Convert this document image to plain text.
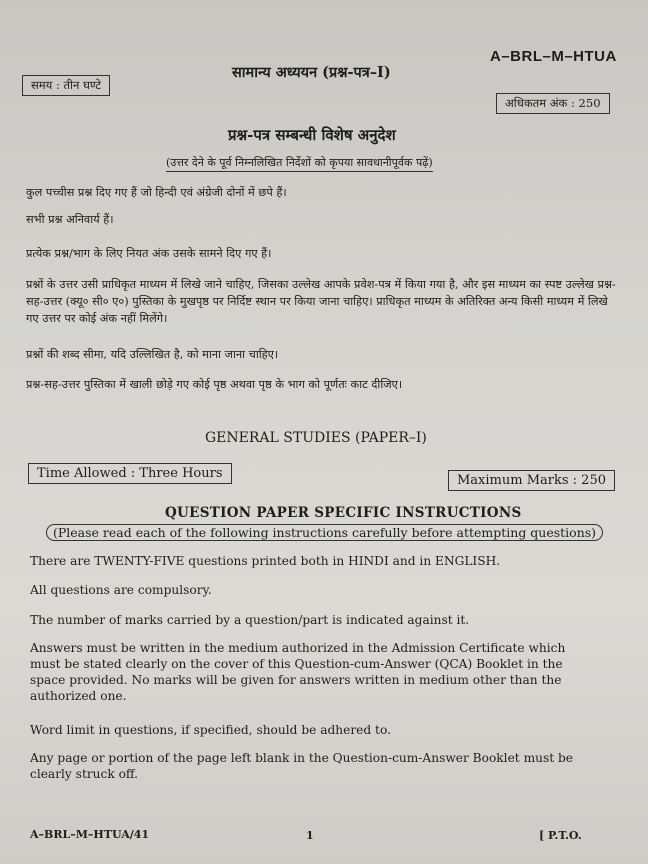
A–BRL–M–HTUA
सामान्य अध्ययन (प्रश्न-पत्र–I)
समय : तीन घण्टे
अधिकतम अंक : 250
प्रश्न-पत्र सम्बन्धी विशेष अनुदेश
(उत्तर देने के पूर्व निम्नलिखित निर्देशों को कृपया सावधानीपूर्वक पढ़ें)
कुल पच्चीस प्रश्न दिए गए हैं जो हिन्दी एवं अंग्रेजी दोनों में छपे हैं।
सभी प्रश्न अनिवार्य हैं।
प्रत्येक प्रश्न/भाग के लिए नियत अंक उसके सामने दिए गए हैं।
प्रश्नों के उत्तर उसी प्राधिकृत माध्यम में लिखे जाने चाहिए, जिसका उल्लेख आपके प्रवेश-पत्र में किया गया है, और इस माध्यम का स्पष्ट उल्लेख प्रश्न-सह-उत्तर (क्यू० सी० ए०) पुस्तिका के मुखपृष्ठ पर निर्दिष्ट स्थान पर किया जाना चाहिए। प्राधिकृत माध्यम के अतिरिक्त अन्य किसी माध्यम में लिखे गए उत्तर पर कोई अंक नहीं मिलेंगे।
प्रश्नों की शब्द सीमा, यदि उल्लिखित है, को माना जाना चाहिए।
प्रश्न-सह-उत्तर पुस्तिका में खाली छोड़े गए कोई पृष्ठ अथवा पृष्ठ के भाग को पूर्णतः काट दीजिए।
GENERAL STUDIES (PAPER–I)
Time Allowed : Three Hours	Maximum Marks : 250
QUESTION PAPER SPECIFIC INSTRUCTIONS
(Please read each of the following instructions carefully before attempting questions)
There are TWENTY-FIVE questions printed both in HINDI and in ENGLISH.
All questions are compulsory.
The number of marks carried by a question/part is indicated against it.
Answers must be written in the medium authorized in the Admission Certificate which must be stated clearly on the cover of this Question-cum-Answer (QCA) Booklet in the space provided. No marks will be given for answers written in medium other than the authorized one.
Word limit in questions, if specified, should be adhered to.
Any page or portion of the page left blank in the Question-cum-Answer Booklet must be clearly struck off.
A–BRL–M–HTUA/41	1	[ P.T.O.
